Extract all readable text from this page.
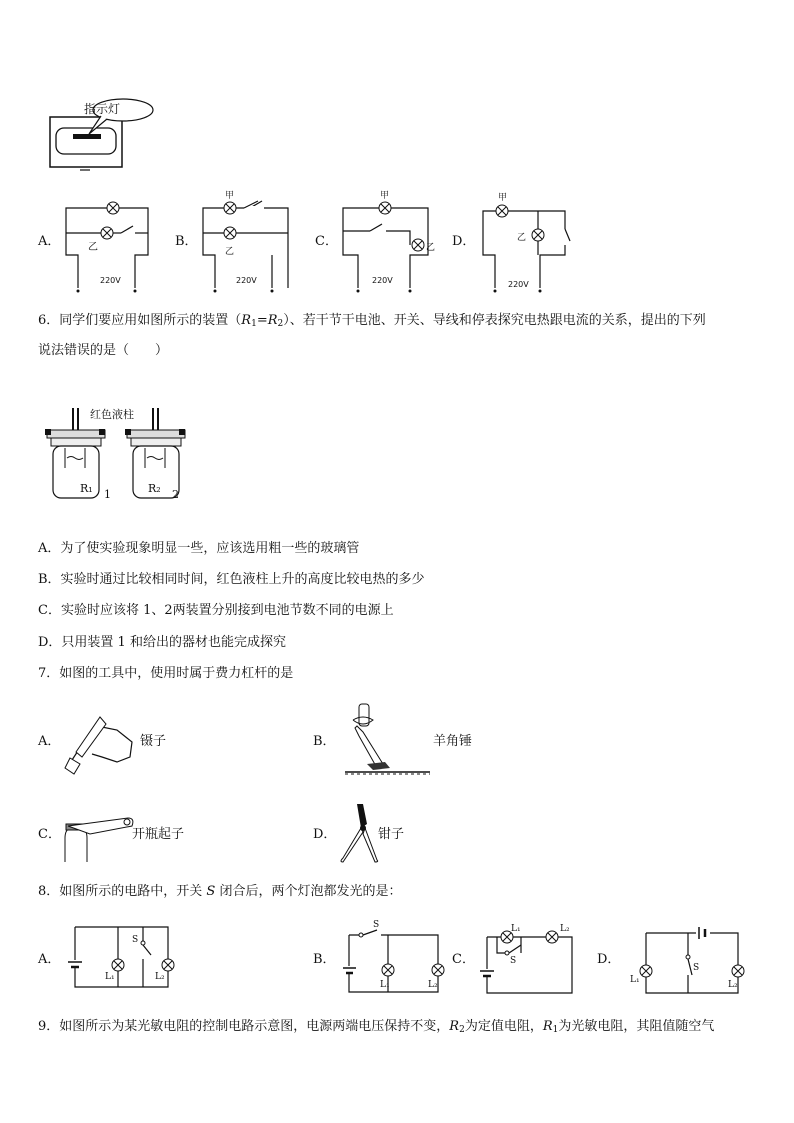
指示灯
A．	乙
220V
B．
甲
乙
220V
C．
甲
乙
220V
D．
甲
乙
220V
6．同学们要应用如图所示的装置$(R_1=R_2)$、若干节干电池、开关、导线和停表探究电热跟电流的关系，提出的下列
说法错误的是（　　）
红色液柱
R₁ 1	R₂ 2
A．为了使实验现象明显一些，应该选用粗一些的玻璃管
B．实验时通过比较相同时间，红色液柱上升的高度比较电热的多少
C．实验时应该将 1、2两装置分别接到电池节数不同的电源上
D．只用装置 1 和给出的器材也能完成探究
7．如图的工具中，使用时属于费力杠杆的是
A．	镊子	B．	羊角锤
C．	开瓶起子	D．	钳子
8．如图所示的电路中，开关 S 闭合后，两个灯泡都发光的是：
A．
S
L₁	L₂
B．
S
L₁	L₂
C．
L₁	L₂
S	D．
S
L₁	L₂
9．如图所示为某光敏电阻的控制电路示意图，电源两端电压保持不变，$R_2$为定值电阻，$R_1$为光敏电阻，其阻值随空气
